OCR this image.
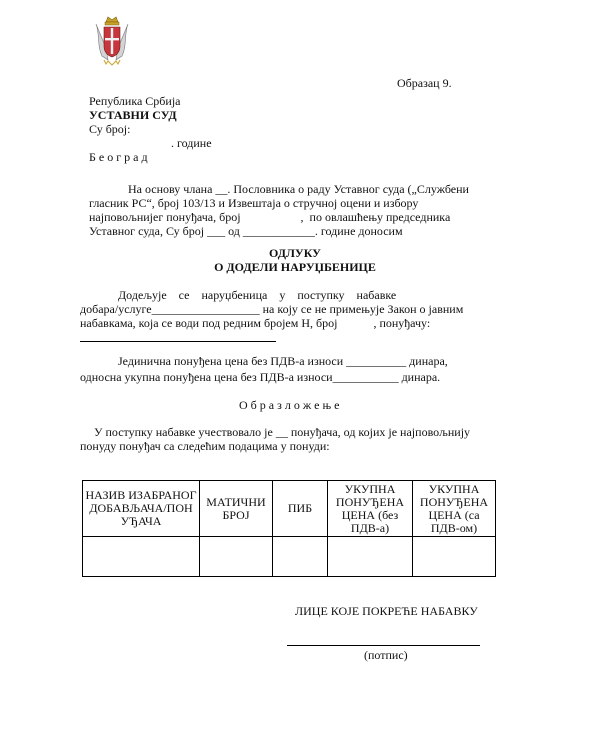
Образац 9.
Република Србија
УСТАВНИ СУД
Су број:
. године
Б е о г р а д
На основу члана __. Пословника о раду Уставног суда („Службени
гласник РС“, број 103/13 и Извештаја о стручној оцени и избору
најповољнијег понуђача, број                    ,  по овлашћењу председника
Уставног суда, Су број ___ од ____________. године доносим
ОДЛУКУ
О ДОДЕЛИ НАРУЏБЕНИЦЕ
Додељује    се    наруџбеница    у    поступку    набавке
добара/услуге__________________ на коју се не примењује Закон о јавним
набавкама, која се води под редним бројем Н, број            , понуђачу:
Јединична понуђена цена без ПДВ-а износи __________ динара,
односна укупна понуђена цена без ПДВ-а износи___________ динара.
О б р а з л о ж е њ е
У поступку набавке учествовало је __ понуђача, од којих је најповољнију
понуду понуђач са следећим подацима у понуди:
НАЗИВ ИЗАБРАНОГ ДОБАВЉАЧА/ПОН УЂАЧА	МАТИЧНИ БРОЈ	ПИБ	УКУПНА ПОНУЂЕНА ЦЕНА (без ПДВ-а)	УКУПНА ПОНУЂЕНА ЦЕНА (са ПДВ-ом)

ЛИЦЕ КОЈЕ ПОКРЕЋЕ НАБАВКУ
(потпис)
